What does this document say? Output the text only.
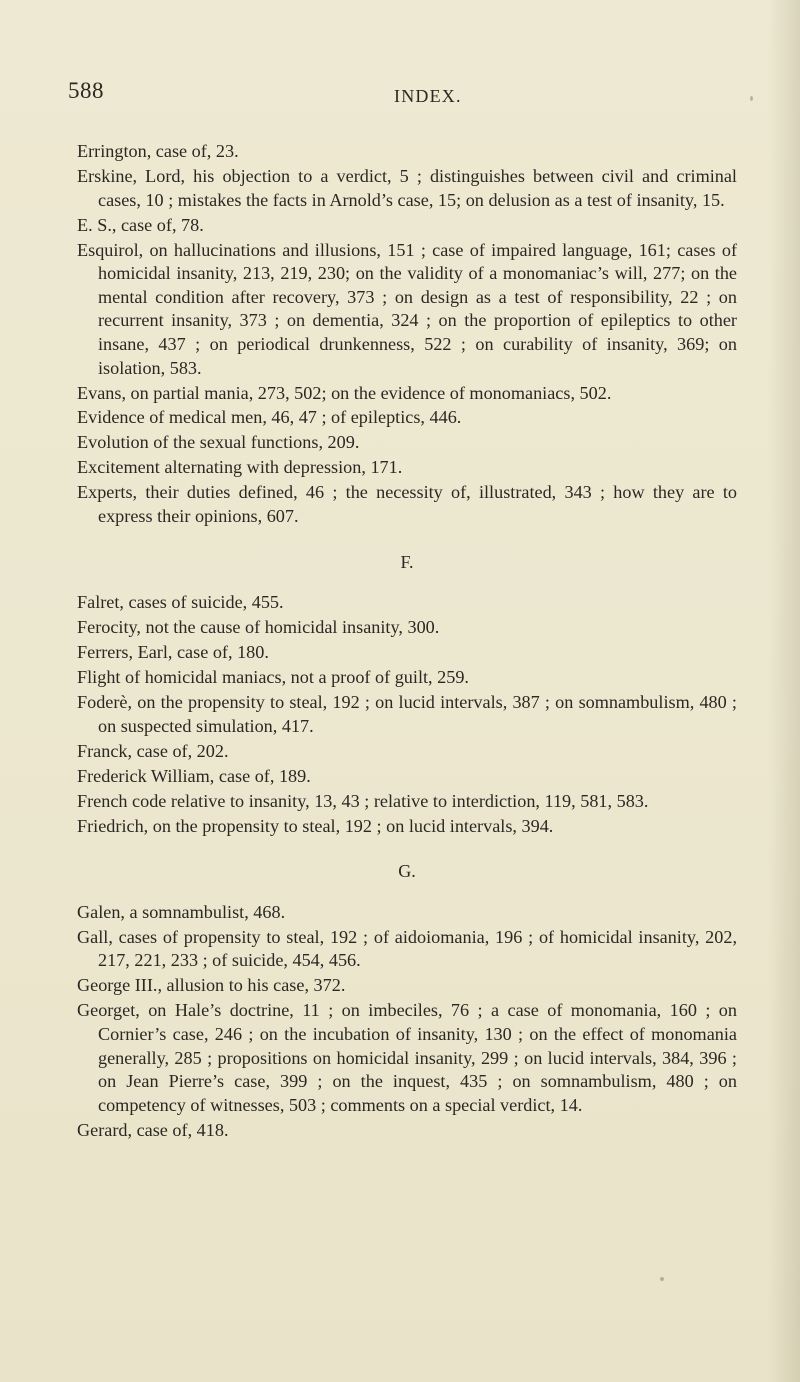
588	INDEX.

Errington, case of, 23.

Erskine, Lord, his objection to a verdict, 5 ; distinguishes between civil and criminal cases, 10 ; mistakes the facts in Arnold’s case, 15; on delusion as a test of insanity, 15.

E. S., case of, 78.

Esquirol, on hallucinations and illusions, 151 ; case of impaired language, 161; cases of homicidal insanity, 213, 219, 230; on the validity of a monomaniac’s will, 277; on the mental condition after recovery, 373 ; on design as a test of responsibility, 22 ; on recurrent insanity, 373 ; on dementia, 324 ; on the proportion of epileptics to other insane, 437 ; on periodical drunkenness, 522 ; on curability of insanity, 369; on isolation, 583.

Evans, on partial mania, 273, 502; on the evidence of monomaniacs, 502.

Evidence of medical men, 46, 47 ; of epileptics, 446.

Evolution of the sexual functions, 209.

Excitement alternating with depression, 171.

Experts, their duties defined, 46 ; the necessity of, illustrated, 343 ; how they are to express their opinions, 607.

F.

Falret, cases of suicide, 455.

Ferocity, not the cause of homicidal insanity, 300.

Ferrers, Earl, case of, 180.

Flight of homicidal maniacs, not a proof of guilt, 259.

Foderè, on the propensity to steal, 192 ; on lucid intervals, 387 ; on somnambulism, 480 ; on suspected simulation, 417.

Franck, case of, 202.

Frederick William, case of, 189.

French code relative to insanity, 13, 43 ; relative to interdiction, 119, 581, 583.

Friedrich, on the propensity to steal, 192 ; on lucid intervals, 394.

G.

Galen, a somnambulist, 468.

Gall, cases of propensity to steal, 192 ; of aidoiomania, 196 ; of homicidal insanity, 202, 217, 221, 233 ; of suicide, 454, 456.

George III., allusion to his case, 372.

Georget, on Hale’s doctrine, 11 ; on imbeciles, 76 ; a case of monomania, 160 ; on Cornier’s case, 246 ; on the incubation of insanity, 130 ; on the effect of monomania generally, 285 ; propositions on homicidal insanity, 299 ; on lucid intervals, 384, 396 ; on Jean Pierre’s case, 399 ; on the inquest, 435 ; on somnambulism, 480 ; on competency of witnesses, 503 ; comments on a special verdict, 14.

Gerard, case of, 418.
